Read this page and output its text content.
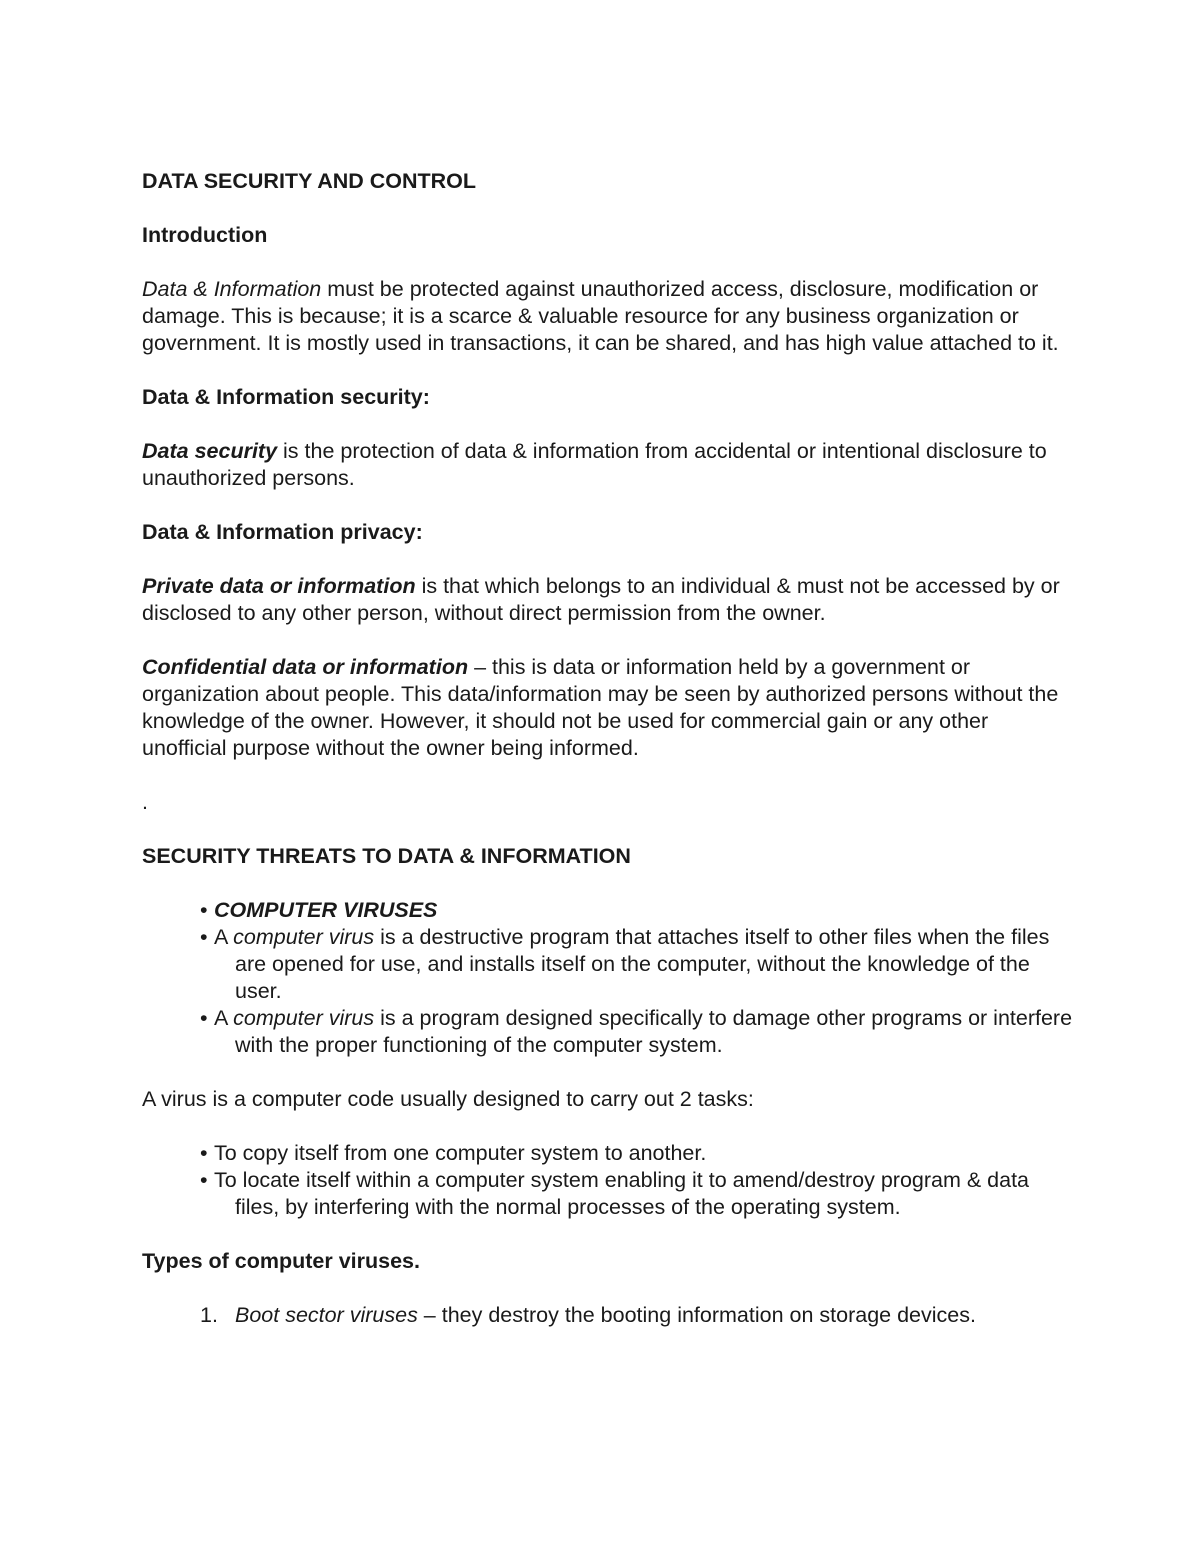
DATA SECURITY AND CONTROL

Introduction

Data & Information must be protected against unauthorized access, disclosure, modification or damage. This is because; it is a scarce & valuable resource for any business organization or government. It is mostly used in transactions, it can be shared, and has high value attached to it.

Data & Information security:

Data security is the protection of data & information from accidental or intentional disclosure to unauthorized persons.

Data & Information privacy:

Private data or information is that which belongs to an individual & must not be accessed by or disclosed to any other person, without direct permission from the owner.

Confidential data or information – this is data or information held by a government or organization about people. This data/information may be seen by authorized persons without the knowledge of the owner. However, it should not be used for commercial gain or any other unofficial purpose without the owner being informed.

.

SECURITY THREATS TO DATA & INFORMATION

• COMPUTER VIRUSES

• A computer virus is a destructive program that attaches itself to other files when the files are opened for use, and installs itself on the computer, without the knowledge of the user.

• A computer virus is a program designed specifically to damage other programs or interfere with the proper functioning of the computer system.

A virus is a computer code usually designed to carry out 2 tasks:

• To copy itself from one computer system to another.

• To locate itself within a computer system enabling it to amend/destroy program & data files, by interfering with the normal processes of the operating system.

Types of computer viruses.

1. Boot sector viruses – they destroy the booting information on storage devices.
